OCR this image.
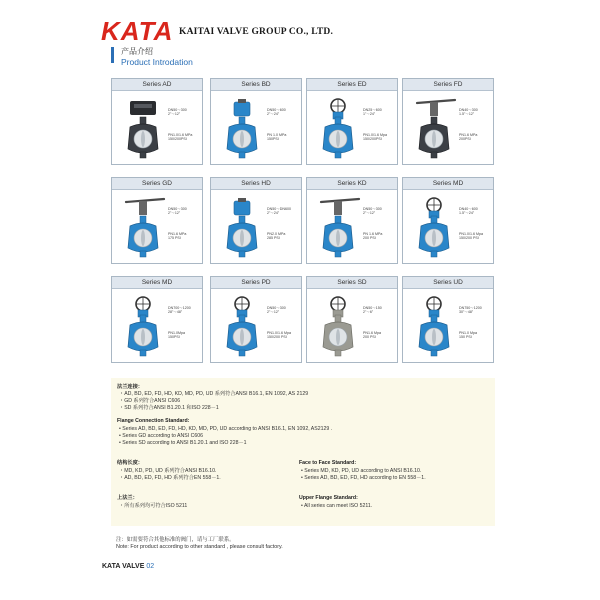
KATA KAITAI VALVE GROUP CO., LTD.
产品介绍
Product Introdation
Series AD
DN50～300
2"～12"
PN1.0/1.6 MPa
150/200PSI
Series BD
DN50～600
2"～24"
PN 1.0 MPa
150PSI
Series ED
DN25～600
1"～24"
PN1.0/1.6 Mpa
150/200PSI
Series FD
DN40～300
1.5"～12"
PN1.6 MPa
200PSI
Series GD
DN50～300
2"～12"
PN1.6 MPa
175 PSI
Series HD
DN50～DN600
2"～24"
PN2.0 MPa
285 PSI
Series KD
DN50～300
2"～12"
PN 1.6 MPa
200 PSI
Series MD
DN40～600
1.5"～24"
PN1.0/1.6 Mpa
150/200 PSI
Series MD
DN700～1200
28"～48"
PN1.0Mpa
150PSI
Series PD
DN50～300
2"～12"
PN1.0/1.6 Mpa
150/200 PSI
Series SD
DN50～150
2"～6"
PN1.6 Mpa
200 PSI
Series UD
DN750～1200
30"～48"
PN1.0 Mpa
150 PSI
法兰连接：
・AD, BD, ED, FD, HD, KD, MD, PD, UD 系列符合ANSI B16.1, EN 1092, AS 2129
・GD 系列符合ANSI C606
・SD 系列符合ANSI B1.20.1 和ISO 228－1
Flange Connection Standard:
• Series AD, BD, ED, FD, HD, KD, MD, PD, UD according to ANSI B16.1, EN 1092, AS2129 .
• Series GD according to ANSI C606
• Series SD according to ANSI B1.20.1 and ISO 228－1
结构长度：
・MD, KD, PD, UD 系列符合ANSI B16.10.
・AD, BD, ED, FD, HD 系列符合EN 558－1.
Face to Face Standard:
• Series MD, KD, PD, UD according to ANSI B16.10.
• Series AD, BD, ED, FD, HD according to EN 558－1.
上法兰：
・所有系列均可符合ISO 5211
Upper Flange Standard:
• All series can meet ISO 5211.
注：如需要符合其他标准的阀门，请与工厂联系。
Note: For product according to other standard , please consult factory.
KATA VALVE 02
